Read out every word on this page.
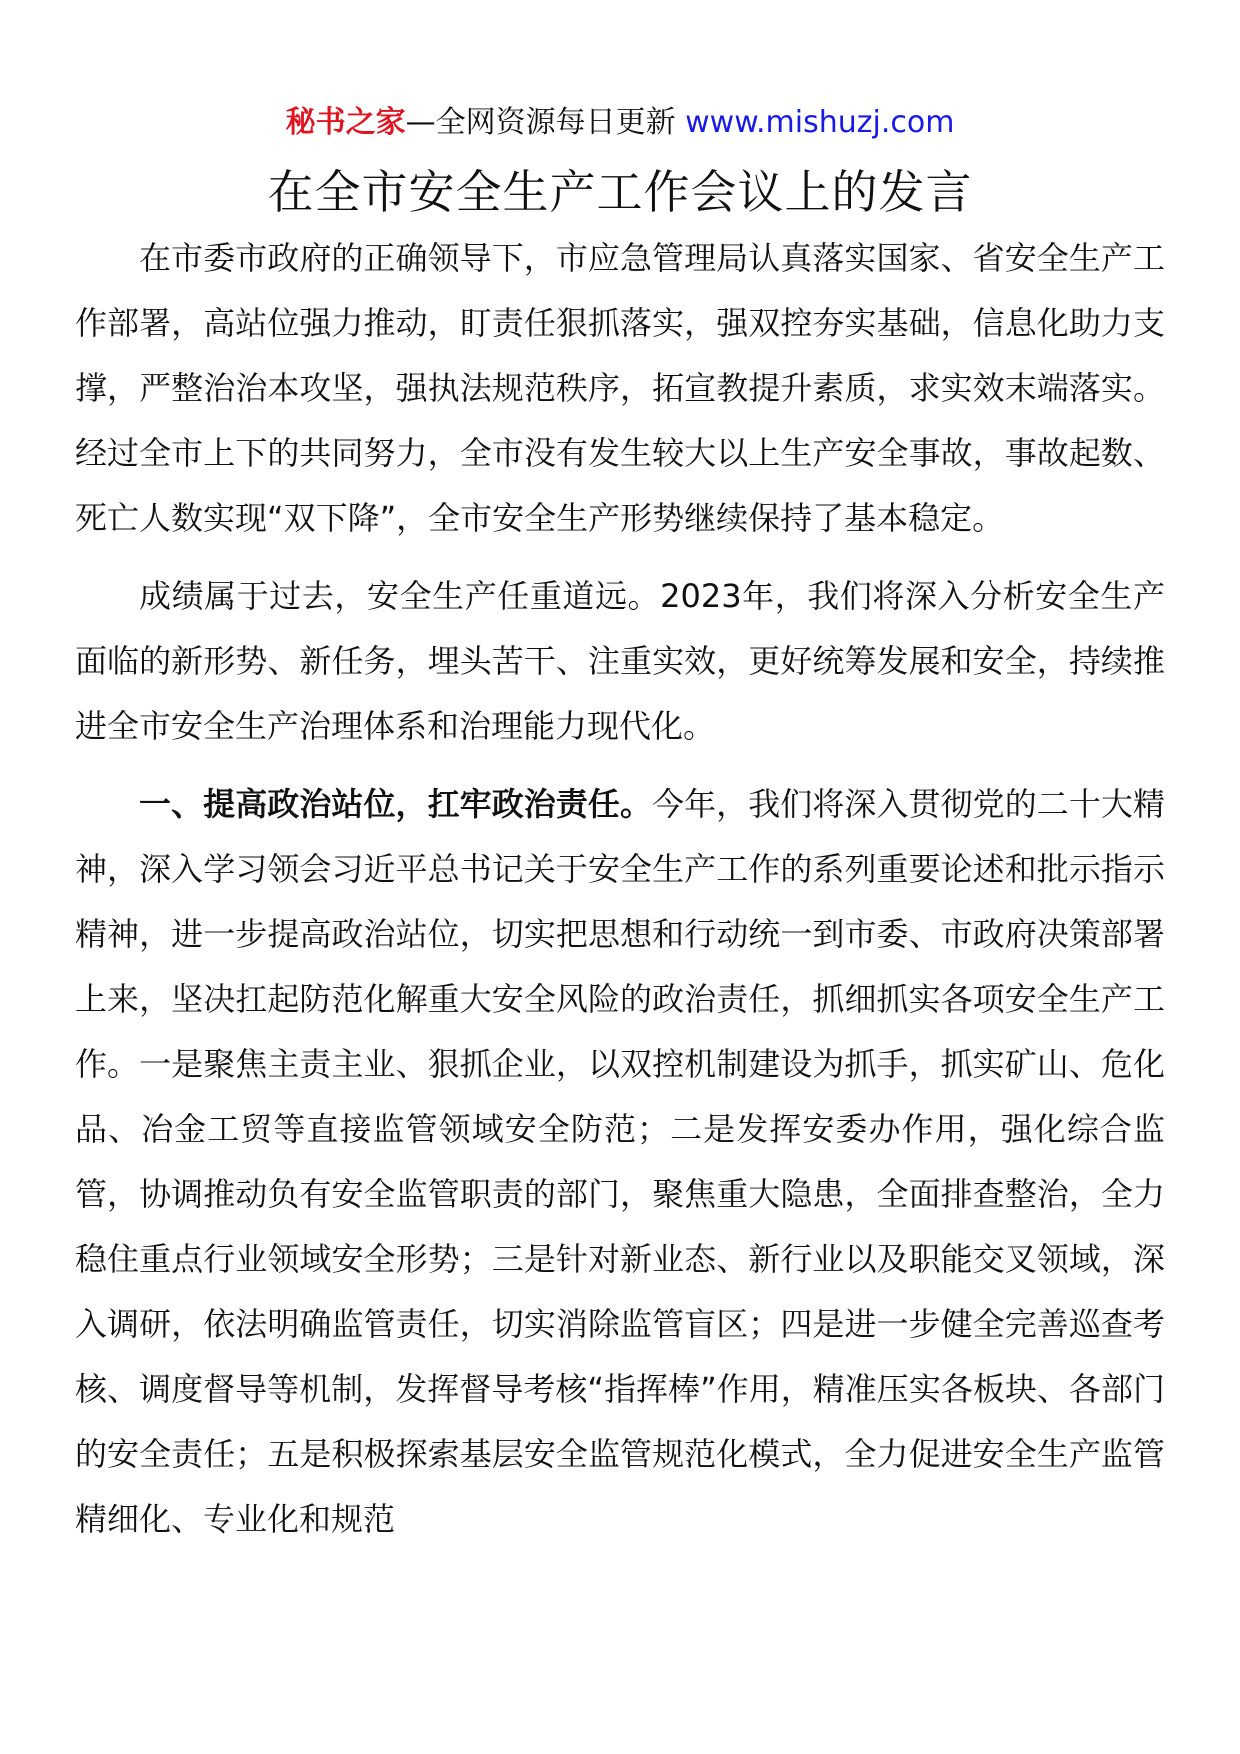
秘书之家—全网资源每日更新 www.mishuzj.com
在全市安全生产工作会议上的发言

在市委市政府的正确领导下，市应急管理局认真落实国家、省安全生产工作部署，高站位强力推动，盯责任狠抓落实，强双控夯实基础，信息化助力支撑，严整治治本攻坚，强执法规范秩序，拓宣教提升素质，求实效末端落实。经过全市上下的共同努力，全市没有发生较大以上生产安全事故，事故起数、死亡人数实现“双下降”，全市安全生产形势继续保持了基本稳定。

成绩属于过去，安全生产任重道远。2023年，我们将深入分析安全生产面临的新形势、新任务，埋头苦干、注重实效，更好统筹发展和安全，持续推进全市安全生产治理体系和治理能力现代化。

一、提高政治站位，扛牢政治责任。今年，我们将深入贯彻党的二十大精神，深入学习领会习近平总书记关于安全生产工作的系列重要论述和批示指示精神，进一步提高政治站位，切实把思想和行动统一到市委、市政府决策部署上来，坚决扛起防范化解重大安全风险的政治责任，抓细抓实各项安全生产工作。一是聚焦主责主业、狠抓企业，以双控机制建设为抓手，抓实矿山、危化品、冶金工贸等直接监管领域安全防范；二是发挥安委办作用，强化综合监管，协调推动负有安全监管职责的部门，聚焦重大隐患，全面排查整治，全力稳住重点行业领域安全形势；三是针对新业态、新行业以及职能交叉领域，深入调研，依法明确监管责任，切实消除监管盲区；四是进一步健全完善巡查考核、调度督导等机制，发挥督导考核“指挥棒”作用，精准压实各板块、各部门的安全责任；五是积极探索基层安全监管规范化模式，全力促进安全生产监管精细化、专业化和规范
